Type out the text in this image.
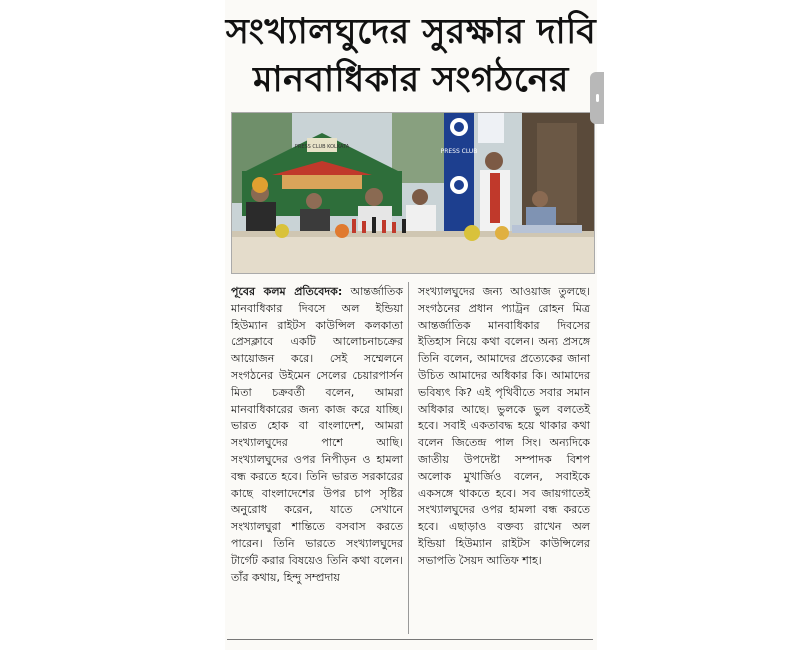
সংখ্যালঘুদের সুরক্ষার দাবি
মানবাধিকার সংগঠনের
PRESS CLUB KOLKATA
PRESS CLUB
পূবের কলম প্রতিবেদক: আন্তর্জাতিক মানবাধিকার দিবসে অল ইন্ডিয়া হিউম্যান রাইটস কাউন্সিল কলকাতা প্রেসক্লাবে একটি আলোচনাচক্রের আয়োজন করে। সেই সম্মেলনে সংগঠনের উইমেন সেলের চেয়ারপার্সন মিতা চক্রবর্তী বলেন, আমরা মানবাধিকারের জন্য কাজ করে যাচ্ছি। ভারত হোক বা বাংলাদেশ, আমরা সংখ্যালঘুদের পাশে আছি। সংখ্যালঘুদের ওপর নিপীড়ন ও হামলা বন্ধ করতে হবে। তিনি ভারত সরকারের কাছে বাংলাদেশের উপর চাপ সৃষ্টির অনুরোধ করেন, যাতে সেখানে সংখ্যালঘুরা শান্তিতে বসবাস করতে পারেন। তিনি ভারতে সংখ্যালঘুদের টার্গেট করার বিষয়েও তিনি কথা বলেন। তাঁর কথায়, হিন্দু সম্প্রদায়
সংখ্যালঘুদের জন্য আওয়াজ তুলছে। সংগঠনের প্রধান প্যাট্রন রোহন মিত্র আন্তর্জাতিক মানবাধিকার দিবসের ইতিহাস নিয়ে কথা বলেন। অন্য প্রসঙ্গে তিনি বলেন, আমাদের প্রত্যেকের জানা উচিত আমাদের অধিকার কি। আমাদের ভবিষ্যৎ কি? এই পৃথিবীতে সবার সমান অধিকার আছে। ভুলকে ভুল বলতেই হবে। সবাই একতাবদ্ধ হয়ে থাকার কথা বলেন জিতেন্দ্র পাল সিং। অন্যদিকে জাতীয় উপদেষ্টা সম্পাদক বিশপ অলোক মুখার্জিও বলেন, সবাইকে একসঙ্গে থাকতে হবে। সব জায়গাতেই সংখ্যালঘুদের ওপর হামলা বন্ধ করতে হবে। এছাড়াও বক্তব্য রাখেন অল ইন্ডিয়া হিউম্যান রাইটস কাউন্সিলের সভাপতি সৈয়দ আতিফ শাহ।
